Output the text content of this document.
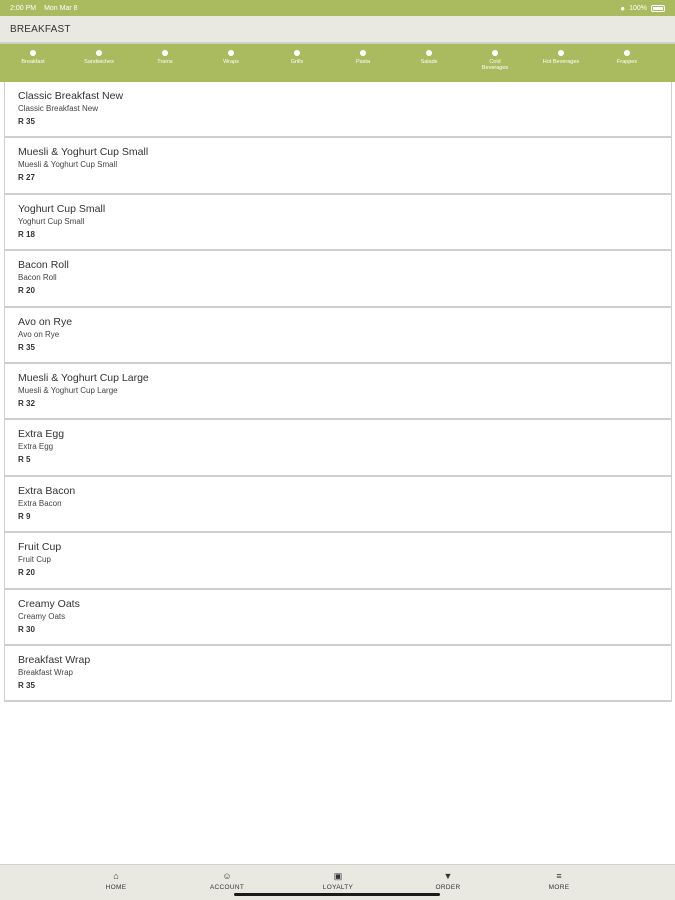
2:00 PM Mon Mar 8	● 100%
BREAKFAST
Breakfast	Sandwiches	Trams	Wraps	Grills	Pasta	Salads	Cold
Beverages
Hot Beverages	Frappes
Classic Breakfast New
Classic Breakfast New
R 35
Muesli & Yoghurt Cup Small
Muesli & Yoghurt Cup Small
R 27
Yoghurt Cup Small
Yoghurt Cup Small
R 18
Bacon Roll
Bacon Roll
R 20
Avo on Rye
Avo on Rye
R 35
Muesli & Yoghurt Cup Large
Muesli & Yoghurt Cup Large
R 32
Extra Egg
Extra Egg
R 5
Extra Bacon
Extra Bacon
R 9
Fruit Cup
Fruit Cup
R 20
Creamy Oats
Creamy Oats
R 30
Breakfast Wrap
Breakfast Wrap
R 35
⌂
HOME
☺
ACCOUNT
▣
LOYALTY
▼
ORDER
≡
MORE
